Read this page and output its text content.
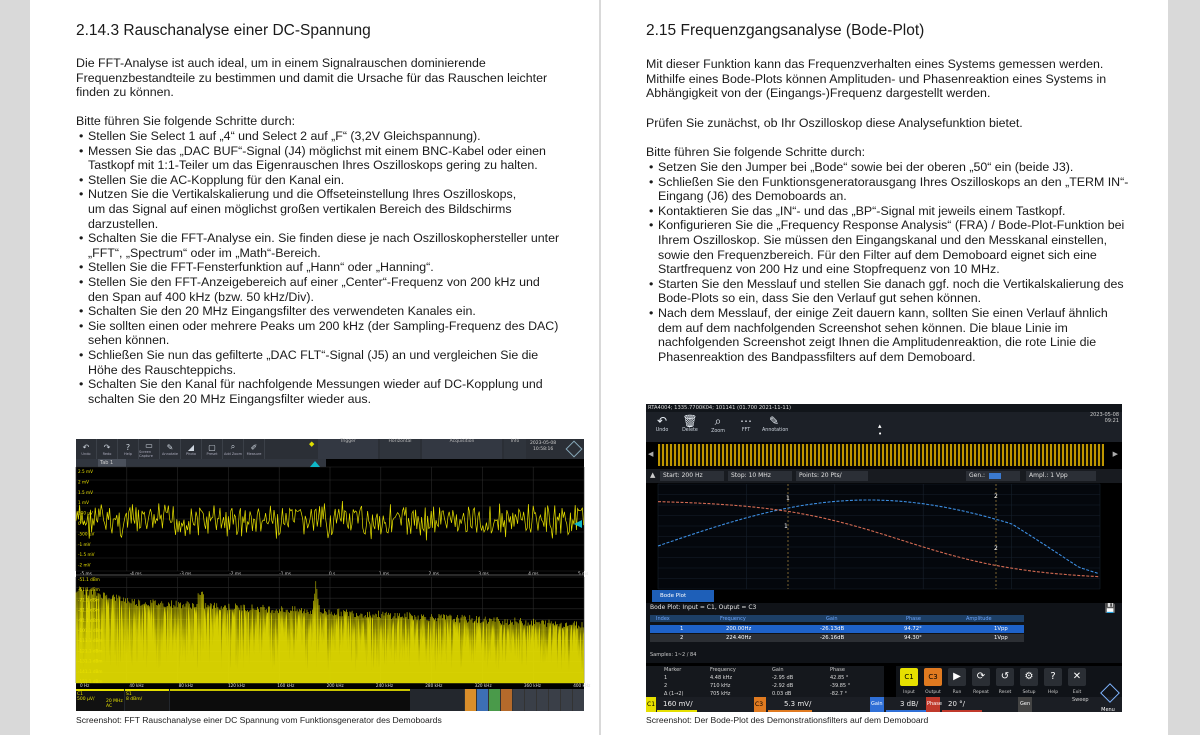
2.14.3 Rauschanalyse einer DC-Spannung

Die FFT-Analyse ist auch ideal, um in einem Signalrauschen dominierende
Frequenzbestandteile zu bestimmen und damit die Ursache für das Rauschen leichter
finden zu können.

Bitte führen Sie folgende Schritte durch:

• Stellen Sie Select 1 auf „4“ und Select 2 auf „F“ (3,2V Gleichspannung).
• Messen Sie das „DAC BUF“-Signal (J4) möglichst mit einem BNC-Kabel oder einen
Tastkopf mit 1:1-Teiler um das Eigenrauschen Ihres Oszilloskops gering zu halten.
• Stellen Sie die AC-Kopplung für den Kanal ein.
• Nutzen Sie die Vertikalskalierung und die Offseteinstellung Ihres Oszilloskops,
um das Signal auf einen möglichst großen vertikalen Bereich des Bildschirms
darzustellen.
• Schalten Sie die FFT-Analyse ein. Sie finden diese je nach Oszilloskophersteller unter
„FFT“, „Spectrum“ oder im „Math“-Bereich.
• Stellen Sie die FFT-Fensterfunktion auf „Hann“ oder „Hanning“.
• Stellen Sie den FFT-Anzeigebereich auf einer „Center“-Frequenz von 200 kHz und
den Span auf 400 kHz (bzw. 50 kHz/Div).
• Schalten Sie den 20 MHz Eingangsfilter des verwendeten Kanales ein.
• Sie sollten einen oder mehrere Peaks um 200 kHz (der Sampling-Frequenz des DAC)
sehen können.
• Schließen Sie nun das gefilterte „DAC FLT“-Signal (J5) an und vergleichen Sie die
Höhe des Rauschteppichs.
• Schalten Sie den Kanal für nachfolgende Messungen wieder auf DC-Kopplung und
schalten Sie den 20 MHz Eingangsfilter wieder aus.
↶
Undo
↷
Redo
?
Help
▭
Screen Capture
✎
Annotate
◢
Photo
▢
Preset
⌕
Add Zoom
✐
Measure
◆	Trigger	Horizontal	Acquisition	Info	2023-05-08
10:58:16
Tab 1
2.5 mV
2 mV
1.5 mV
1 mV
500 µV
0 V
-500 µV
-1 mV
-1.5 mV
-2 mV
-5 ms	-4 ms	-3 ms	-2 ms	-1 ms	0 s	1 ms	2 ms	3 ms	4 ms	5 ms
-51.1 dBm
-61.1 dBm
-71.1 dBm
-81.1 dBm
-91.1 dBm
-101.1 dBm
-111.1 dBm
-121.1 dBm
-131.1 dBm
-141.1 dBm
-151.1 dBm
0 Hz	40 kHz	80 kHz	120 kHz	160 kHz	200 kHz	240 kHz	280 kHz	320 kHz	360 kHz	400 kHz
C1
500 µV/	20 MHz AC
S1
8 dBm/
Screenshot: FFT Rauschanalyse einer DC Spannung vom Funktionsgenerator des Demoboards
2.15 Frequenzgangsanalyse (Bode-Plot)

Mit dieser Funktion kann das Frequenzverhalten eines Systems gemessen werden.
Mithilfe eines Bode-Plots können Amplituden- und Phasenreaktion eines Systems in
Abhängigkeit von der (Eingangs-)Frequenz dargestellt werden.

Prüfen Sie zunächst, ob Ihr Oszilloskop diese Analysefunktion bietet.

Bitte führen Sie folgende Schritte durch:

• Setzen Sie den Jumper bei „Bode“ sowie bei der oberen „50“ ein (beide J3).
• Schließen Sie den Funktionsgeneratorausgang Ihres Oszilloskops an den „TERM IN“-
Eingang (J6) des Demoboards an.
• Kontaktieren Sie das „IN“- und das „BP“-Signal mit jeweils einem Tastkopf.
• Konfigurieren Sie die „Frequency Response Analysis“ (FRA) / Bode-Plot-Funktion bei
Ihrem Oszilloskop. Sie müssen den Eingangskanal und den Messkanal einstellen,
sowie den Frequenzbereich. Für den Filter auf dem Demoboard eignet sich eine
Startfrequenz von 200 Hz und eine Stopfrequenz von 10 MHz.
• Starten Sie den Messlauf und stellen Sie danach ggf. noch die Vertikalskalierung des
Bode-Plots so ein, dass Sie den Verlauf gut sehen können.
• Nach dem Messlauf, der einige Zeit dauern kann, sollten Sie einen Verlauf ähnlich
dem auf dem nachfolgenden Screenshot sehen können. Die blaue Linie im
nachfolgenden Screenshot zeigt Ihnen die Amplitudenreaktion, die rote Linie die
Phasenreaktion des Bandpassfilters auf dem Demoboard.
RTA4004; 1335.7700K04; 101141 (01.700 2021-11-11)
↶
Undo
🗑
Delete
⌕
Zoom
⋯
FFT
✎
Annotation
▴
•
2023-05-08
09:21
◀	▶
▲	Start: 200 Hz	Stop: 10 MHz	Points: 20 Pts/	Gen.:	Ampl.: 1 Vpp
1
1
2
2
Bode Plot
Bode Plot: Input = C1, Output = C3	💾
Index	Frequency	Gain	Phase	Amplitude
1	200.00Hz	-26.13dB	94.72°	1Vpp
2	224.40Hz	-26.16dB	94.30°	1Vpp
Samples: 1~2 / 84
Marker	Frequency	Gain	Phase
1	4.48 kHz	-2.95 dB	42.85 °
2	710 kHz	-2.92 dB	-39.85 °
Δ (1→2)	705 kHz	0.03 dB	-82.7 °
C1
Input
C3
Output
▶
Run
⟳
Repeat
↺
Reset
⚙
Setup
?
Help
✕
Exit
C1	160 mV/	C3	5.3 mV/	Gain	3 dB/	Phase 20 °/	Gen
Sweep
Menu
Screenshot: Der Bode-Plot des Demonstrationsfilters auf dem Demoboard
